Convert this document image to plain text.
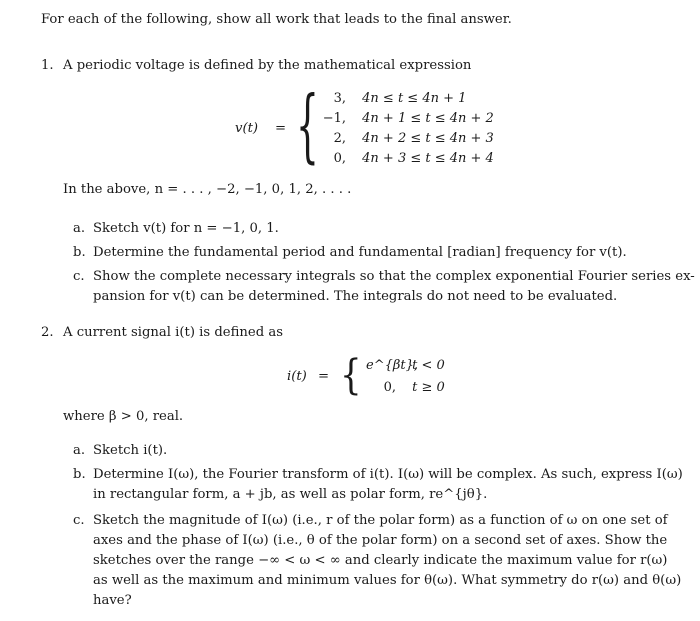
For each of the following, show all work that leads to the final answer.
1. A periodic voltage is defined by the mathematical expression
v(t) = {	3, 4n ≤ t ≤ 4n + 1
−1, 4n + 1 ≤ t ≤ 4n + 2
2, 4n + 2 ≤ t ≤ 4n + 3
0, 4n + 3 ≤ t ≤ 4n + 4
In the above, n = . . . , −2, −1, 0, 1, 2, . . . .
a. Sketch v(t) for n = −1, 0, 1.
b. Determine the fundamental period and fundamental [radian] frequency for v(t).
c. Show the complete necessary integrals so that the complex exponential Fourier series ex-
pansion for v(t) can be determined. The integrals do not need to be evaluated.
2. A current signal i(t) is defined as
i(t) = { e^{βt}, t < 0
0, t ≥ 0
where β > 0, real.
a. Sketch i(t).
b. Determine I(ω), the Fourier transform of i(t). I(ω) will be complex. As such, express I(ω)
in rectangular form, a + jb, as well as polar form, re^{jθ}.
c. Sketch the magnitude of I(ω) (i.e., r of the polar form) as a function of ω on one set of
axes and the phase of I(ω) (i.e., θ of the polar form) on a second set of axes. Show the
sketches over the range −∞ < ω < ∞ and clearly indicate the maximum value for r(ω)
as well as the maximum and minimum values for θ(ω). What symmetry do r(ω) and θ(ω)
have?
